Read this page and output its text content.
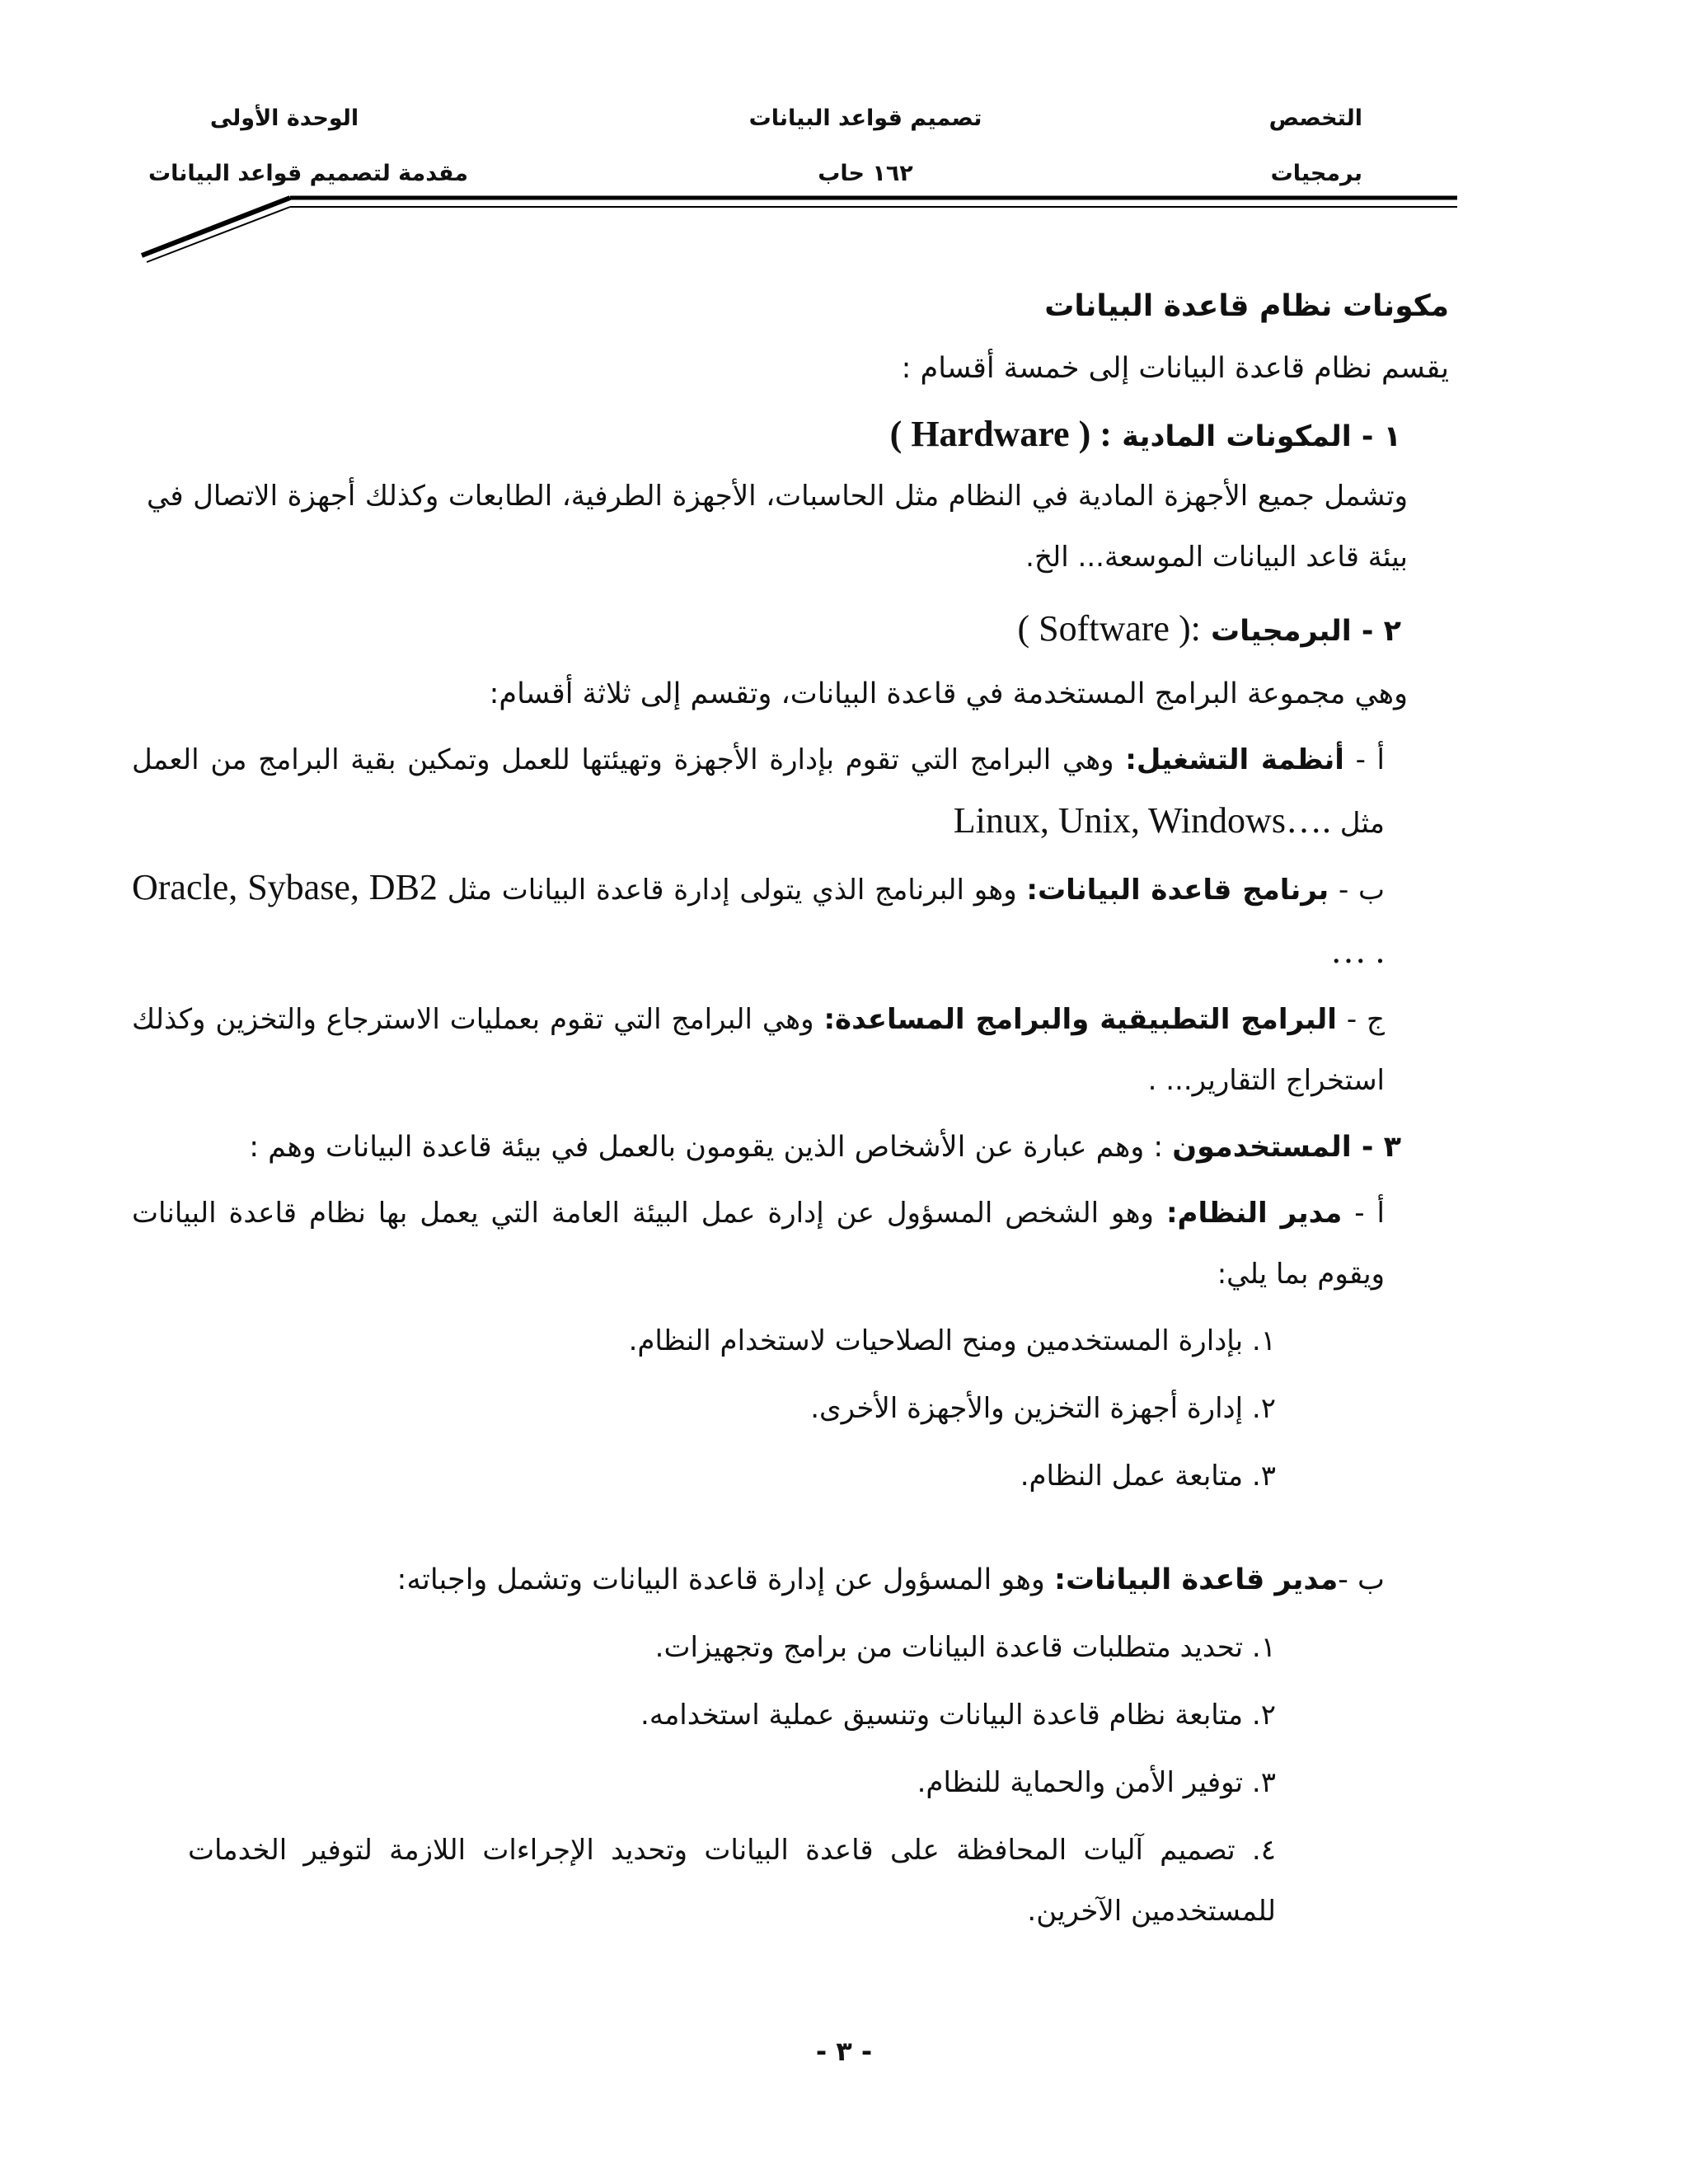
التخصص
تصميم قواعد البيانات
الوحدة الأولى
برمجيات
١٦٢ حاب
مقدمة لتصميم قواعد البيانات
مكونات نظام قاعدة البيانات
يقسم نظام قاعدة البيانات إلى خمسة أقسام :
١ - المكونات المادية ( Hardware ) :
وتشمل جميع الأجهزة المادية في النظام مثل الحاسبات، الأجهزة الطرفية، الطابعات وكذلك أجهزة الاتصال في بيئة قاعد البيانات الموسعة... الخ.
٢ - البرمجيات ( Software ):
وهي مجموعة البرامج المستخدمة في قاعدة البيانات، وتقسم إلى ثلاثة أقسام:
أ - أنظمة التشغيل: وهي البرامج التي تقوم بإدارة الأجهزة وتهيئتها للعمل وتمكين بقية البرامج من العمل مثل Linux, Unix, Windows….
ب - برنامج قاعدة البيانات: وهو البرنامج الذي يتولى إدارة قاعدة البيانات مثل Oracle, Sybase, DB2 … .
ج - البرامج التطبيقية والبرامج المساعدة: وهي البرامج التي تقوم بعمليات الاسترجاع والتخزين وكذلك استخراج التقارير... .
٣ - المستخدمون : وهم عبارة عن الأشخاص الذين يقومون بالعمل في بيئة قاعدة البيانات وهم :
أ - مدير النظام: وهو الشخص المسؤول عن إدارة عمل البيئة العامة التي يعمل بها نظام قاعدة البيانات ويقوم بما يلي:
١. بإدارة المستخدمين ومنح الصلاحيات لاستخدام النظام.
٢. إدارة أجهزة التخزين والأجهزة الأخرى.
٣. متابعة عمل النظام.
ب -مدير قاعدة البيانات: وهو المسؤول عن إدارة قاعدة البيانات وتشمل واجباته:
١. تحديد متطلبات قاعدة البيانات من برامج وتجهيزات.
٢. متابعة نظام قاعدة البيانات وتنسيق عملية استخدامه.
٣. توفير الأمن والحماية للنظام.
٤. تصميم آليات المحافظة على قاعدة البيانات وتحديد الإجراءات اللازمة لتوفير الخدمات للمستخدمين الآخرين.
- ٣ -
